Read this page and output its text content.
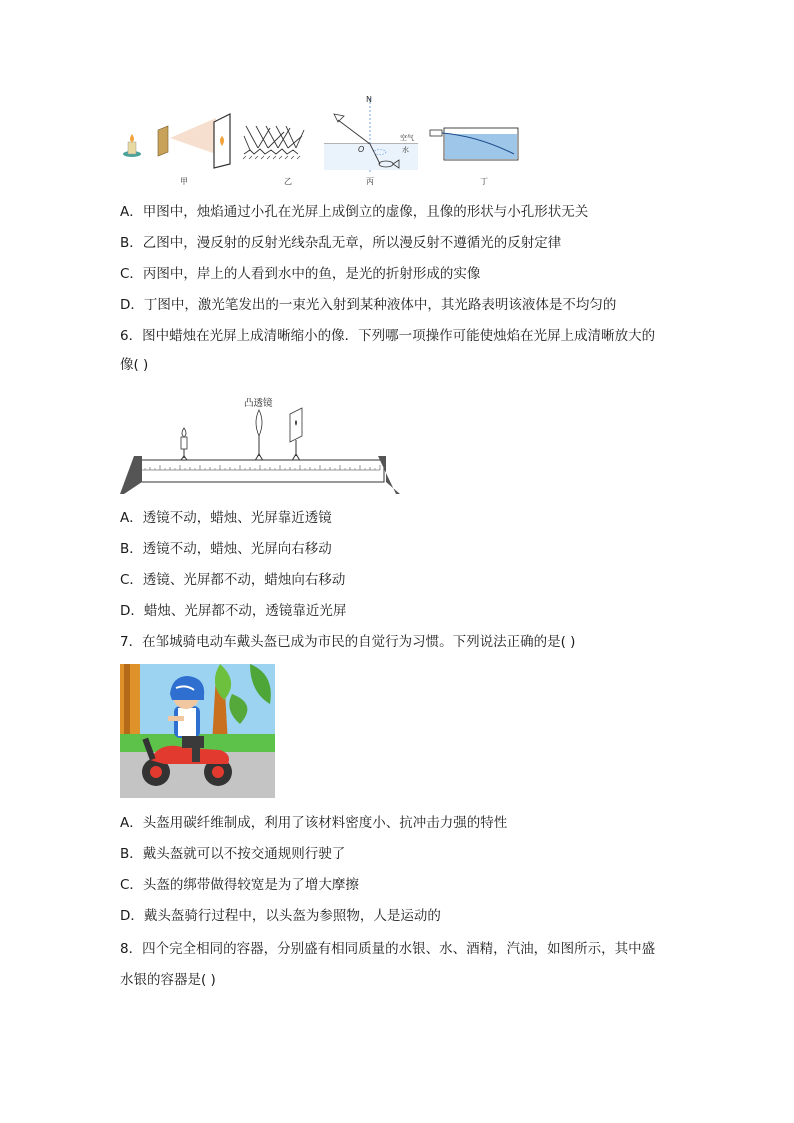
N
O
空气
水
甲	乙	丙	丁
A．甲图中，烛焰通过小孔在光屏上成倒立的虚像，且像的形状与小孔形状无关
B．乙图中，漫反射的反射光线杂乱无章，所以漫反射不遵循光的反射定律
C．丙图中，岸上的人看到水中的鱼，是光的折射形成的实像
D．丁图中，激光笔发出的一束光入射到某种液体中，其光路表明该液体是不均匀的
6．图中蜡烛在光屏上成清晰缩小的像．下列哪一项操作可能使烛焰在光屏上成清晰放大的
像( )
凸透镜
A．透镜不动，蜡烛、光屏靠近透镜
B．透镜不动，蜡烛、光屏向右移动
C．透镜、光屏都不动，蜡烛向右移动
D．蜡烛、光屏都不动，透镜靠近光屏
7．在邹城骑电动车戴头盔已成为市民的自觉行为习惯。下列说法正确的是( )
A．头盔用碳纤维制成，利用了该材料密度小、抗冲击力强的特性
B．戴头盔就可以不按交通规则行驶了
C．头盔的绑带做得较宽是为了增大摩擦
D．戴头盔骑行过程中，以头盔为参照物，人是运动的
8．四个完全相同的容器，分别盛有相同质量的水银、水、酒精，汽油，如图所示，其中盛
水银的容器是( )
